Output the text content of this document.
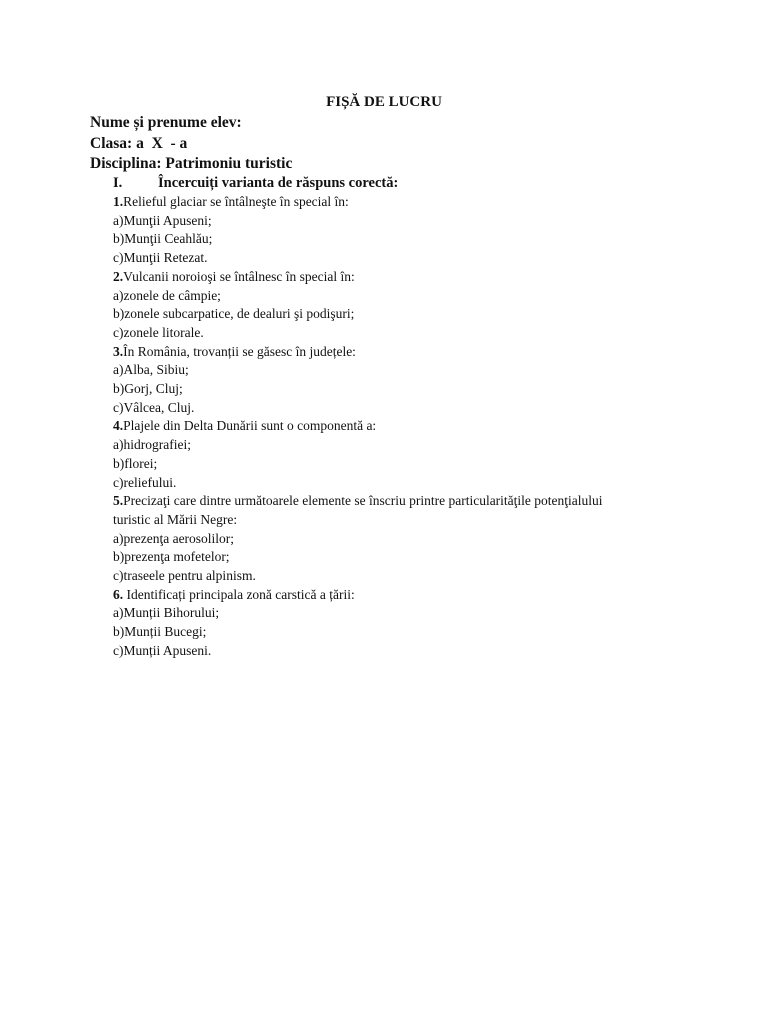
FIȘĂ DE LUCRU
Nume și prenume elev:
Clasa: a  X  - a
Disciplina: Patrimoniu turistic
I. Încercuiți varianta de răspuns corectă:
1.Relieful glaciar se întâlneşte în special în:
a)Munţii Apuseni;
b)Munţii Ceahlău;
c)Munţii Retezat.
2.Vulcanii noroioşi se întâlnesc în special în:
a)zonele de câmpie;
b)zonele subcarpatice, de dealuri şi podişuri;
c)zonele litorale.
3.În România, trovanții se găsesc în județele:
a)Alba, Sibiu;
b)Gorj, Cluj;
c)Vâlcea, Cluj.
4.Plajele din Delta Dunării sunt o componentă a:
a)hidrografiei;
b)florei;
c)reliefului.
5.Precizaţi care dintre următoarele elemente se înscriu printre particularităţile potenţialului
turistic al Mării Negre:
a)prezenţa aerosolilor;
b)prezenţa mofetelor;
c)traseele pentru alpinism.
6. Identificați principala zonă carstică a țării:
a)Munții Bihorului;
b)Munții Bucegi;
c)Munții Apuseni.
